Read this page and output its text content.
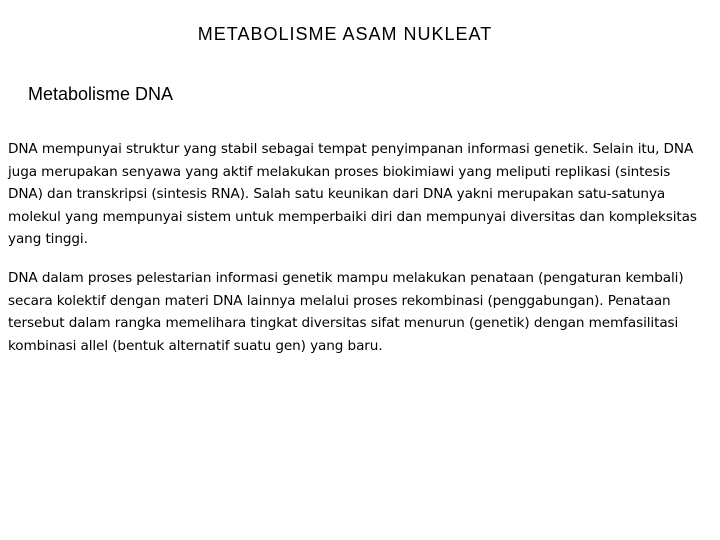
METABOLISME ASAM NUKLEAT
Metabolisme DNA

DNA mempunyai struktur yang stabil sebagai tempat penyimpanan informasi genetik. Selain itu, DNA juga merupakan senyawa yang aktif melakukan proses biokimiawi yang meliputi replikasi (sintesis DNA) dan transkripsi (sintesis RNA). Salah satu keunikan dari DNA yakni merupakan satu-satunya molekul yang mempunyai sistem untuk memperbaiki diri dan mempunyai diversitas dan kompleksitas yang tinggi.

DNA dalam proses pelestarian informasi genetik mampu melakukan penataan (pengaturan kembali) secara kolektif dengan materi DNA lainnya melalui proses rekombinasi (penggabungan). Penataan tersebut dalam rangka memelihara tingkat diversitas sifat menurun (genetik) dengan memfasilitasi kombinasi allel (bentuk alternatif suatu gen) yang baru.
